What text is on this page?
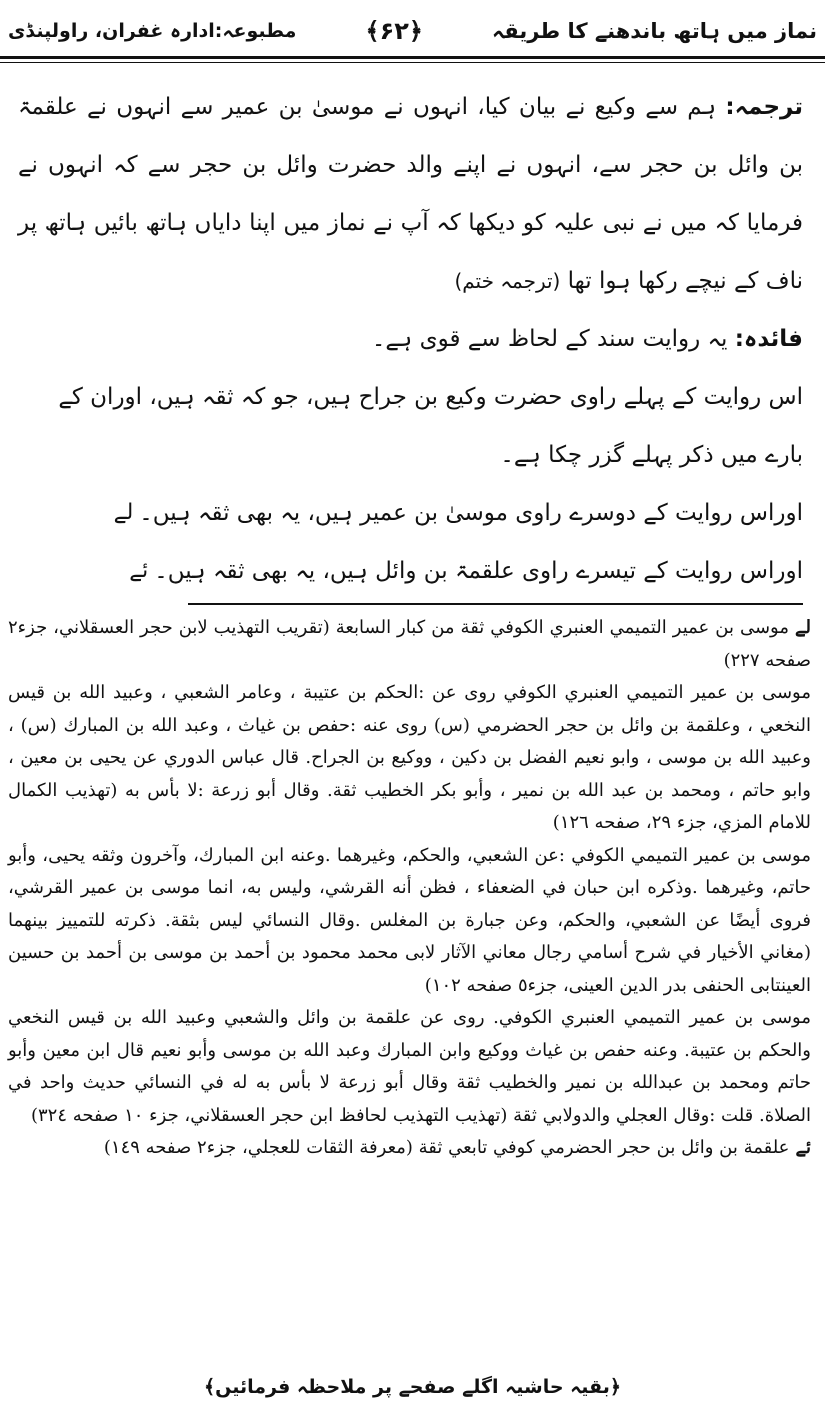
نماز میں ہاتھ باندھنے کا طریقہ
﴿۶۲﴾
مطبوعہ:ادارہ غفران، راولپنڈی
ترجمہ: ہم سے وکیع نے بیان کیا، انہوں نے موسیٰ بن عمیر سے انہوں نے علقمۃ بن وائل بن حجر سے، انہوں نے اپنے والد حضرت وائل بن حجر سے کہ انہوں نے فرمایا کہ میں نے نبی علیہ کو دیکھا کہ آپ نے نماز میں اپنا دایاں ہاتھ بائیں ہاتھ پر ناف کے نیچے رکھا ہوا تھا (ترجمہ ختم)
فائدہ: یہ روایت سند کے لحاظ سے قوی ہے۔
اس روایت کے پہلے راوی حضرت وکیع بن جراح ہیں، جو کہ ثقہ ہیں، اوران کے بارے میں ذکر پہلے گزر چکا ہے۔
اوراس روایت کے دوسرے راوی موسیٰ بن عمیر ہیں، یہ بھی ثقہ ہیں۔
لے
اوراس روایت کے تیسرے راوی علقمۃ بن وائل ہیں، یہ بھی ثقہ ہیں۔
ئے

لےموسى بن عمير التميمي العنبري الكوفي ثقة من كبار السابعة (تقريب التهذيب لابن حجر العسقلاني، جزء٢ صفحه ٢٢٧)

موسى بن عمير التميمي العنبري الكوفي روى عن :الحكم بن عتيبة ، وعامر الشعبي ، وعبيد الله بن قيس النخعي ، وعلقمة بن وائل بن حجر الحضرمي (س) روى عنه :حفص بن غياث ، وعبد الله بن المبارك (س) ، وعبيد الله بن موسى ، وابو نعيم الفضل بن دكين ، ووكيع بن الجراح. قال عباس الدوري عن يحيى بن معين ، وابو حاتم ، ومحمد بن عبد الله بن نمير ، وأبو بكر الخطيب ثقة. وقال أبو زرعة :لا بأس به (تهذيب الكمال للامام المزي، جزء ٢٩، صفحه ١٢٦)

موسى بن عمير التميمي الكوفي :عن الشعبي، والحكم، وغيرهما .وعنه ابن المبارك، وآخرون وثقه يحيى، وأبو حاتم، وغيرهما .وذكره ابن حبان في الضعفاء ، فظن أنه القرشي، وليس به، انما موسى بن عمير القرشي، فروى أيضًا عن الشعبي، والحكم، وعن جبارة بن المغلس .وقال النسائي ليس بثقة. ذكرته للتمييز بينهما (مغاني الأخيار في شرح أسامي رجال معاني الآثار لابى محمد محمود بن أحمد بن موسى بن أحمد بن حسين العينتابى الحنفى بدر الدين العينى، جزء٥ صفحه ١٠٢)

موسى بن عمير التميمي العنبري الكوفي. روى عن علقمة بن وائل والشعبي وعبيد الله بن قيس النخعي والحكم بن عتيبة. وعنه حفص بن غياث ووكيع وابن المبارك وعبد الله بن موسى وأبو نعيم قال ابن معين وأبو حاتم ومحمد بن عبدالله بن نمير والخطيب ثقة وقال أبو زرعة لا بأس به له في النسائي حديث واحد في الصلاة. قلت :وقال العجلي والدولابي ثقة (تهذيب التهذيب لحافظ ابن حجر العسقلاني، جزء ١٠ صفحه ٣٢٤)

ئےعلقمة بن وائل بن حجر الحضرمي كوفي تابعي ثقة (معرفة الثقات للعجلي، جزء٢ صفحه ١٤٩)

﴿بقیہ حاشیہ اگلے صفحے پر ملاحظہ فرمائیں﴾
